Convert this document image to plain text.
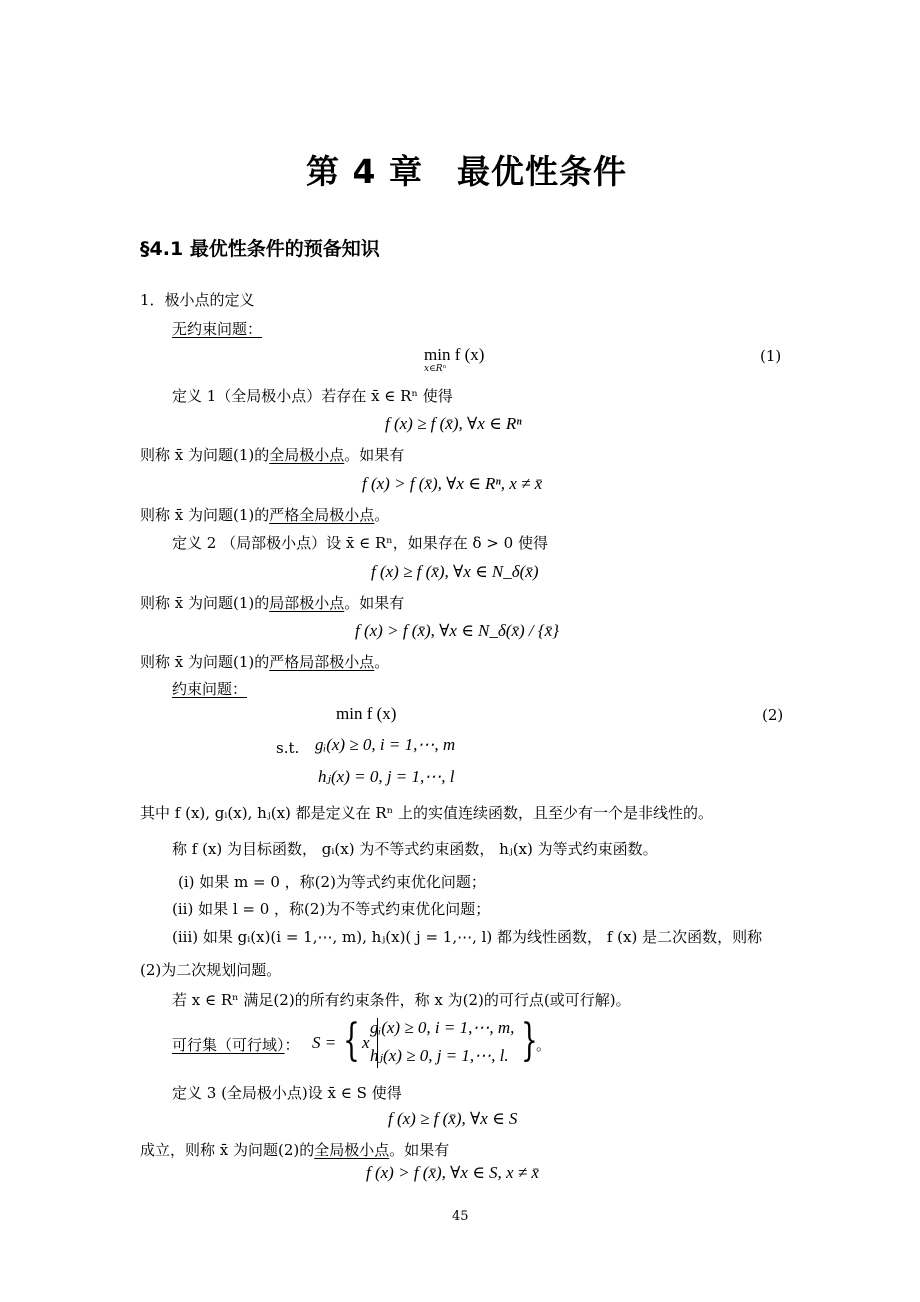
第 4 章　最优性条件
§4.1 最优性条件的预备知识
1．极小点的定义
无约束问题：
min f (x)
x∈Rⁿ
(1)
定义 1（全局极小点）若存在 x̄ ∈ Rⁿ 使得
f (x) ≥ f (x̄), ∀x ∈ Rⁿ
则称 x̄ 为问题(1)的全局极小点。如果有
f (x) > f (x̄), ∀x ∈ Rⁿ, x ≠ x̄
则称 x̄ 为问题(1)的严格全局极小点。
定义 2 （局部极小点）设 x̄ ∈ Rⁿ，如果存在 δ > 0 使得
f (x) ≥ f (x̄), ∀x ∈ N_δ(x̄)
则称 x̄ 为问题(1)的局部极小点。如果有
f (x) > f (x̄), ∀x ∈ N_δ(x̄) / {x̄}
则称 x̄ 为问题(1)的严格局部极小点。
约束问题：
min f (x)	(2)
s.t. gᵢ(x) ≥ 0, i = 1,⋯, m
hⱼ(x) = 0, j = 1,⋯, l
其中 f (x), gᵢ(x), hⱼ(x) 都是定义在 Rⁿ 上的实值连续函数，且至少有一个是非线性的。
称 f (x) 为目标函数， gᵢ(x) 为不等式约束函数， hⱼ(x) 为等式约束函数。
(i) 如果 m = 0 ，称(2)为等式约束优化问题；
(ii) 如果 l = 0 ，称(2)为不等式约束优化问题；
(iii) 如果 gᵢ(x)(i = 1,⋯, m), hⱼ(x)( j = 1,⋯, l) 都为线性函数， f (x) 是二次函数，则称
(2)为二次规划问题。
若 x ∈ Rⁿ 满足(2)的所有约束条件，称 x 为(2)的可行点(或可行解)。
可行集（可行域）： S = { x
gᵢ(x) ≥ 0, i = 1,⋯, m,
hⱼ(x) ≥ 0, j = 1,⋯, l. }
。
定义 3 (全局极小点)设 x̄ ∈ S 使得
f (x) ≥ f (x̄), ∀x ∈ S
成立，则称 x̄ 为问题(2)的全局极小点。如果有
f (x) > f (x̄), ∀x ∈ S, x ≠ x̄
45
